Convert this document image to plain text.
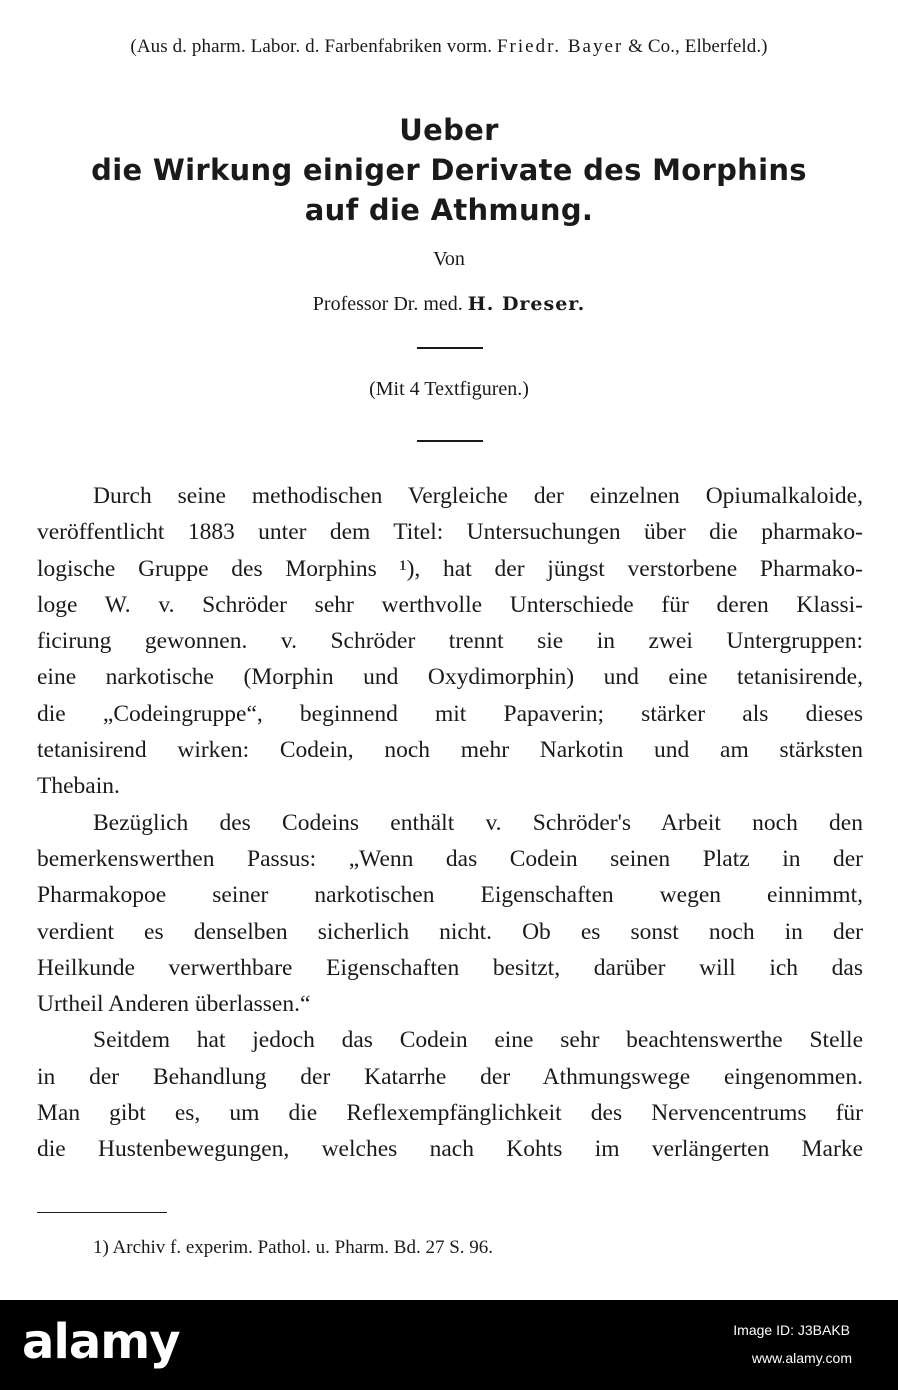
(Aus d. pharm. Labor. d. Farbenfabriken vorm. Friedr. Bayer & Co., Elberfeld.)
Ueber
die Wirkung einiger Derivate des Morphins
auf die Athmung.
Von
Professor Dr. med. H. Dreser.
(Mit 4 Textfiguren.)
Durch seine methodischen Vergleiche der einzelnen Opiumalkaloide,
veröffentlicht 1883 unter dem Titel: Untersuchungen über die pharmako-
logische Gruppe des Morphins ¹), hat der jüngst verstorbene Pharmako-
loge W. v. Schröder sehr werthvolle Unterschiede für deren Klassi-
ficirung gewonnen. v. Schröder trennt sie in zwei Untergruppen:
eine narkotische (Morphin und Oxydimorphin) und eine tetanisirende,
die „Codeingruppe“, beginnend mit Papaverin; stärker als dieses
tetanisirend wirken: Codein, noch mehr Narkotin und am stärksten
Thebain.
Bezüglich des Codeins enthält v. Schröder's Arbeit noch den
bemerkenswerthen Passus: „Wenn das Codein seinen Platz in der
Pharmakopoe seiner narkotischen Eigenschaften wegen einnimmt,
verdient es denselben sicherlich nicht. Ob es sonst noch in der
Heilkunde verwerthbare Eigenschaften besitzt, darüber will ich das
Urtheil Anderen überlassen.“
Seitdem hat jedoch das Codein eine sehr beachtenswerthe Stelle
in der Behandlung der Katarrhe der Athmungswege eingenommen.
Man gibt es, um die Reflexempfänglichkeit des Nervencentrums für
die Hustenbewegungen, welches nach Kohts im verlängerten Marke
1) Archiv f. experim. Pathol. u. Pharm. Bd. 27 S. 96.
alamy	Image ID: J3BAKB
www.alamy.com
